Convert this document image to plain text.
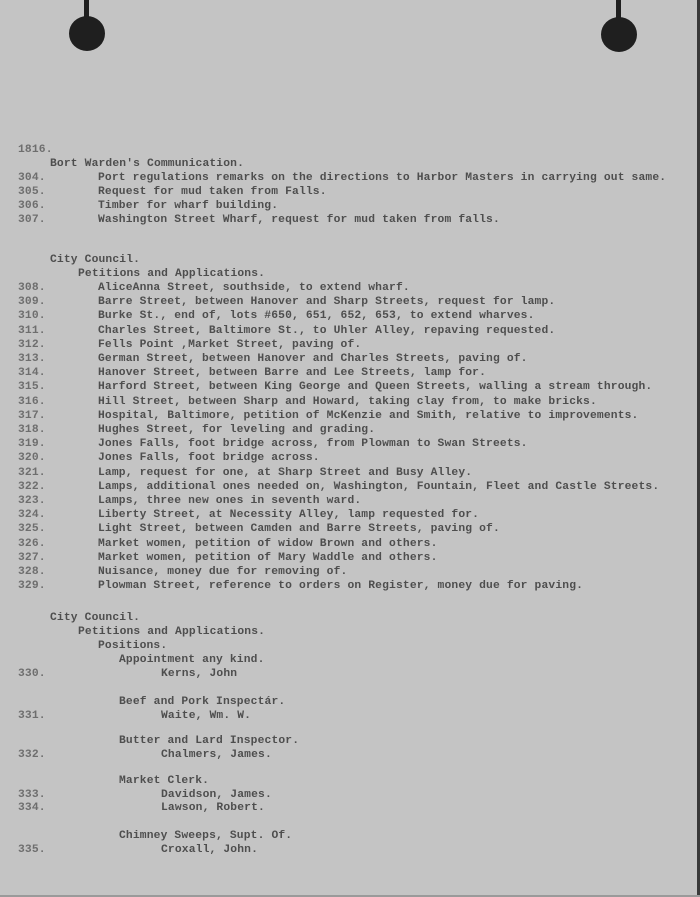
1816.
Bort Warden's Communication.
304.	Port regulations remarks on the directions to Harbor Masters in carrying out same.
305.	Request for mud taken from Falls.
306.	Timber for wharf building.
307.	Washington Street Wharf, request for mud taken from falls.
City Council.
Petitions and Applications.
308.	AliceAnna Street, southside, to extend wharf.
309.	Barre Street, between Hanover and Sharp Streets, request for lamp.
310.	Burke St., end of, lots #650, 651, 652, 653, to extend wharves.
311.	Charles Street, Baltimore St., to Uhler Alley, repaving requested.
312.	Fells Point ,Market Street, paving of.
313.	German Street, between Hanover and Charles Streets, paving of.
314.	Hanover Street, between Barre and Lee Streets, lamp for.
315.	Harford Street, between King George and Queen Streets, walling a stream through.
316.	Hill Street, between Sharp and Howard, taking clay from, to make bricks.
317.	Hospital, Baltimore, petition of McKenzie and Smith, relative to improvements.
318.	Hughes Street, for leveling and grading.
319.	Jones Falls, foot bridge across, from Plowman to Swan Streets.
320.	Jones Falls, foot bridge across.
321.	Lamp, request for one, at Sharp Street and Busy Alley.
322.	Lamps, additional ones needed on, Washington, Fountain, Fleet and Castle Streets.
323.	Lamps, three new ones in seventh ward.
324.	Liberty Street, at Necessity Alley, lamp requested for.
325.	Light Street, between Camden and Barre Streets, paving of.
326.	Market women, petition of widow Brown and others.
327.	Market women, petition of Mary Waddle and others.
328.	Nuisance, money due for removing of.
329.	Plowman Street, reference to orders on Register, money due for paving.
City Council.
Petitions and Applications.
Positions.
Appointment any kind.
330.	Kerns, John
Beef and Pork Inspectár.
331.	Waite, Wm. W.
Butter and Lard Inspector.
332.	Chalmers, James.
Market Clerk.
333.	Davidson, James.
334.	Lawson, Robert.
Chimney Sweeps, Supt. Of.
335.	Croxall, John.
